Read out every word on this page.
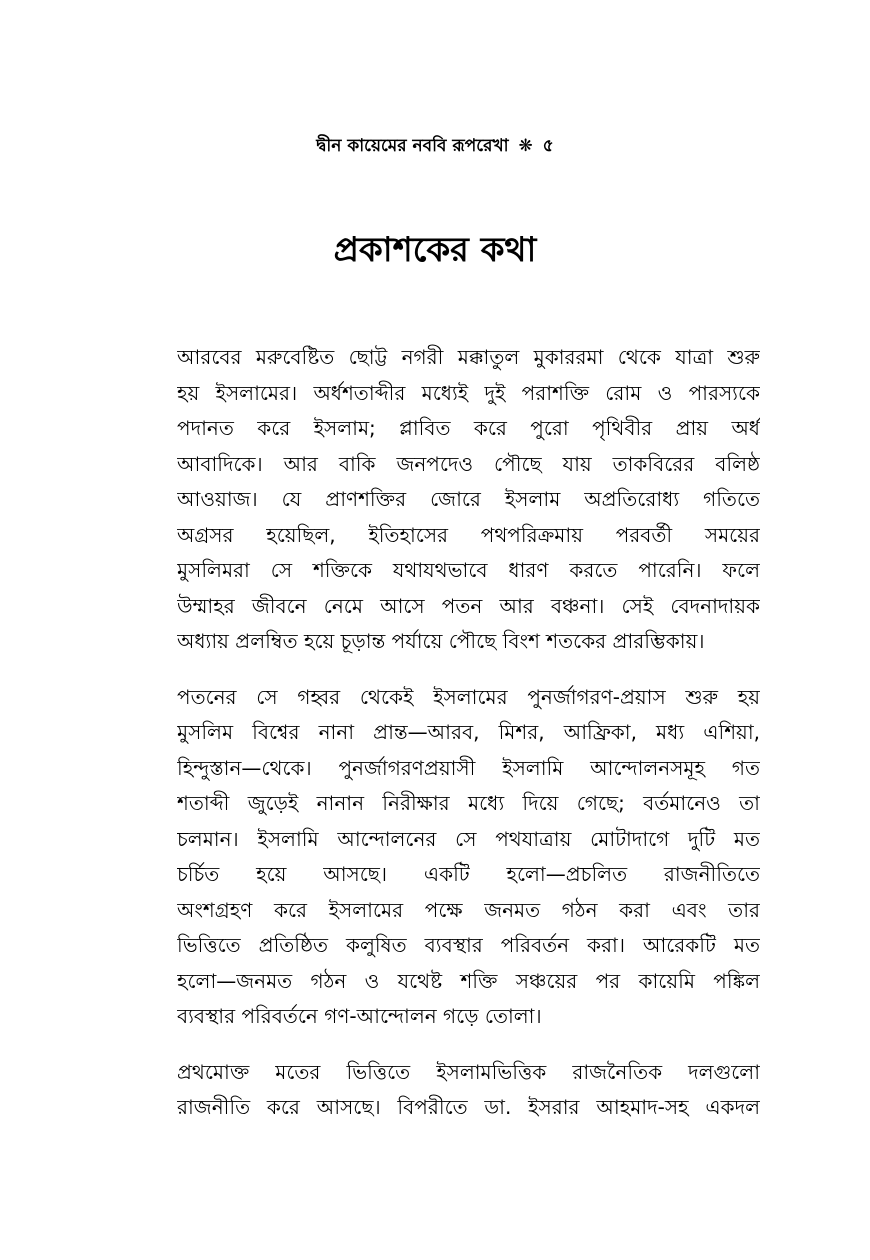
দ্বীন কায়েমের নববি রূপরেখা ❋ ৫
প্রকাশকের কথা
আরবের মরুবেষ্টিত ছোট্ট নগরী মক্কাতুল মুকাররমা থেকে যাত্রা শুরু
হয় ইসলামের। অর্ধশতাব্দীর মধ্যেই দুই পরাশক্তি রোম ও পারস্যকে
পদানত করে ইসলাম; প্লাবিত করে পুরো পৃথিবীর প্রায় অর্ধ
আবাদিকে। আর বাকি জনপদেও পৌছে যায় তাকবিরের বলিষ্ঠ
আওয়াজ। যে প্রাণশক্তির জোরে ইসলাম অপ্রতিরোধ্য গতিতে
অগ্রসর হয়েছিল, ইতিহাসের পথপরিক্রমায় পরবর্তী সময়ের
মুসলিমরা সে শক্তিকে যথাযথভাবে ধারণ করতে পারেনি। ফলে
উম্মাহর জীবনে নেমে আসে পতন আর বঞ্চনা। সেই বেদনাদায়ক
অধ্যায় প্রলম্বিত হয়ে চূড়ান্ত পর্যায়ে পৌছে বিংশ শতকের প্রারম্ভিকায়।
পতনের সে গহ্বর থেকেই ইসলামের পুনর্জাগরণ-প্রয়াস শুরু হয়
মুসলিম বিশ্বের নানা প্রান্ত—আরব, মিশর, আফ্রিকা, মধ্য এশিয়া,
হিন্দুস্তান—থেকে। পুনর্জাগরণপ্রয়াসী ইসলামি আন্দোলনসমূহ গত
শতাব্দী জুড়েই নানান নিরীক্ষার মধ্যে দিয়ে গেছে; বর্তমানেও তা
চলমান। ইসলামি আন্দোলনের সে পথযাত্রায় মোটাদাগে দুটি মত
চর্চিত হয়ে আসছে। একটি হলো—প্রচলিত রাজনীতিতে
অংশগ্রহণ করে ইসলামের পক্ষে জনমত গঠন করা এবং তার
ভিত্তিতে প্রতিষ্ঠিত কলুষিত ব্যবস্থার পরিবর্তন করা। আরেকটি মত
হলো—জনমত গঠন ও যথেষ্ট শক্তি সঞ্চয়ের পর কায়েমি পঙ্কিল
ব্যবস্থার পরিবর্তনে গণ-আন্দোলন গড়ে তোলা।
প্রথমোক্ত মতের ভিত্তিতে ইসলামভিত্তিক রাজনৈতিক দলগুলো
রাজনীতি করে আসছে। বিপরীতে ডা. ইসরার আহমাদ-সহ একদল
